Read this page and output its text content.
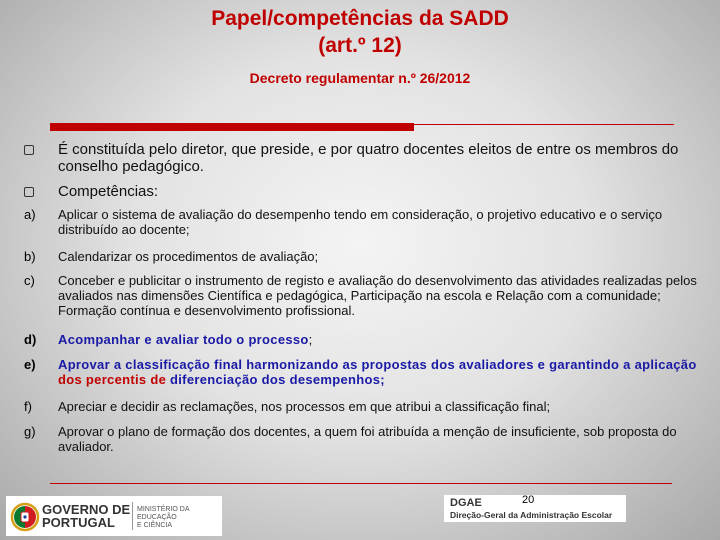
Papel/competências da SADD
(art.º 12)
Decreto regulamentar n.º 26/2012
É constituída pelo diretor, que preside, e por quatro docentes eleitos de entre os membros do conselho pedagógico.
Competências:
a)	Aplicar o sistema de avaliação do desempenho tendo em consideração, o projetivo educativo e o serviço distribuído ao docente;
b)	Calendarizar os procedimentos de avaliação;
c)	Conceber e publicitar o instrumento de registo e avaliação do desenvolvimento das atividades realizadas pelos avaliados nas dimensões Científica e pedagógica, Participação na escola e Relação com a comunidade; Formação contínua e desenvolvimento profissional.
d)	Acompanhar e avaliar todo o processo;
e)	Aprovar a classificação final harmonizando as propostas dos avaliadores e garantindo a aplicação dos percentis de diferenciação dos desempenhos;
f)	Apreciar e decidir as reclamações, nos processos em que atribui a classificação final;
g)	Aprovar o plano de formação dos docentes, a quem foi atribuída a menção de insuficiente, sob proposta do avaliador.
GOVERNO DE
PORTUGAL
MINISTÉRIO DA EDUCAÇÃO
E CIÊNCIA
DGAE
Direção-Geral da Administração Escolar
20
